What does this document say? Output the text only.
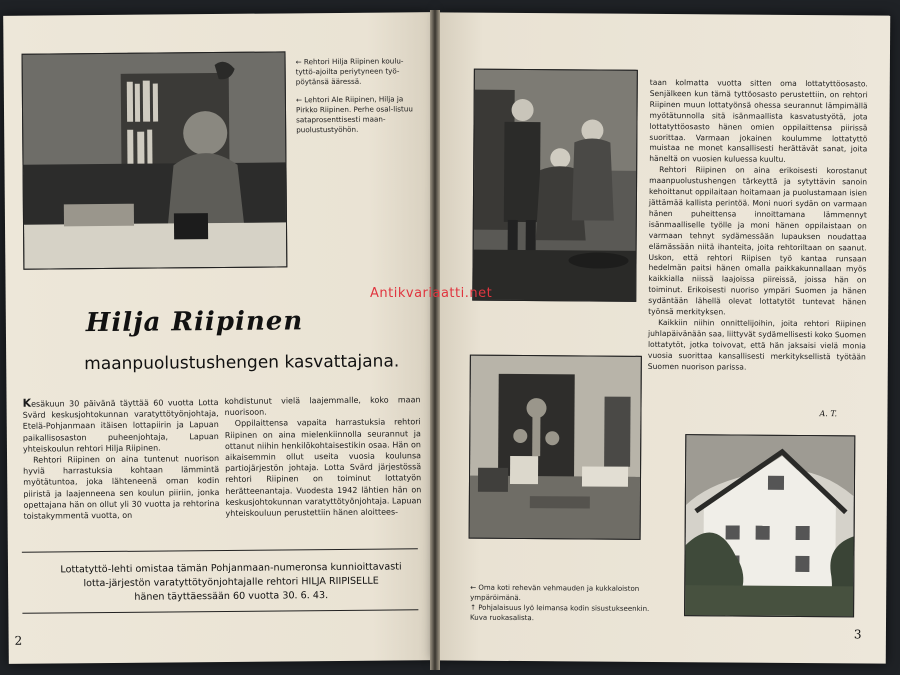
← Rehtori Hilja Riipinen koulu-tyttö-ajoilta periytyneen työ-pöytänsä ääressä.

← Lehtori Ale Riipinen, Hilja ja Pirkko Riipinen. Perhe osal-listuu sataprosenttisesti maan-puolustustyöhön.

Hilja Riipinen
maanpuolustushengen kasvattajana.

Kesäkuun 30 päivänä täyttää 60 vuotta Lotta Svärd keskusjohtokunnan varatyttötyönjohtaja, Etelä-Pohjanmaan itäisen lottapiirin ja Lapuan paikallisosaston puheenjohtaja, Lapuan yhteiskoulun rehtori Hilja Riipinen.

Rehtori Riipinen on aina tuntenut nuorison hyviä harrastuksia kohtaan lämmintä myötätuntoa, joka lähteneenä oman kodin piiristä ja laajenneena sen koulun piiriin, jonka opettajana hän on ollut yli 30 vuotta ja rehtorina toistakymmentä vuotta, on

kohdistunut vielä laajemmalle, koko maan nuorisoon.

Oppilaittensa vapaita harrastuksia rehtori Riipinen on aina mielenkiinnolla seurannut ja ottanut niihin henkilökohtaisestikin osaa. Hän on aikaisemmin ollut useita vuosia koulunsa partiojärjestön johtaja. Lotta Svärd järjestössä rehtori Riipinen on toiminut lottatyön herätteenantaja. Vuodesta 1942 lähtien hän on keskusjohtokunnan varatyttötyönjohtaja. Lapuan yhteiskouluun perustettiin hänen aloittees-

Lottatyttö-lehti omistaa tämän Pohjanmaan-numeronsa kunnioittavasti
lotta-järjestön varatyttötyönjohtajalle rehtori HILJA RIIPISELLE
hänen täyttäessään 60 vuotta 30. 6. 43.
2

taan kolmatta vuotta sitten oma lottatyttöosasto. Senjälkeen kun tämä tyttöosasto perustettiin, on rehtori Riipinen muun lottatyönsä ohessa seurannut lämpimällä myötätunnolla sitä isänmaallista kasvatustyötä, jota lottatyttöosasto hänen omien oppilaittensa piirissä suorittaa. Varmaan jokainen koulumme lottatyttö muistaa ne monet kansallisesti herättävät sanat, joita häneltä on vuosien kuluessa kuultu.

Rehtori Riipinen on aina erikoisesti korostanut maanpuolustushengen tärkeyttä ja sytyttävin sanoin kehoittanut oppilaitaan hoitamaan ja puolustamaan isien jättämää kallista perintöä. Moni nuori sydän on varmaan hänen puheittensa innoittamana lämmennyt isänmaalliselle työlle ja moni hänen oppilaistaan on varmaan tehnyt sydämessään lupauksen noudattaa elämässään niitä ihanteita, joita rehtoriltaan on saanut. Uskon, että rehtori Riipisen työ kantaa runsaan hedelmän paitsi hänen omalla paikkakunnallaan myös kaikkialla niissä laajoissa piireissä, joissa hän on toiminut. Erikoisesti nuoriso ympäri Suomen ja hänen sydäntään lähellä olevat lottatytöt tuntevat hänen työnsä merkityksen.

Kaikkiin niihin onnittelijoihin, joita rehtori Riipinen juhlapäivänään saa, liittyvät sydämellisesti koko Suomen lottatytöt, jotka toivovat, että hän jaksaisi vielä monia vuosia suorittaa kansallisesti merkityksellistä työtään Suomen nuorison parissa.

A. T.

← Oma koti rehevän vehmauden ja kukkaloiston ympäröimänä.

↑ Pohjalaisuus lyö leimansa kodin sisustukseenkin. Kuva ruokasalista.

3
Antikvariaatti.net
